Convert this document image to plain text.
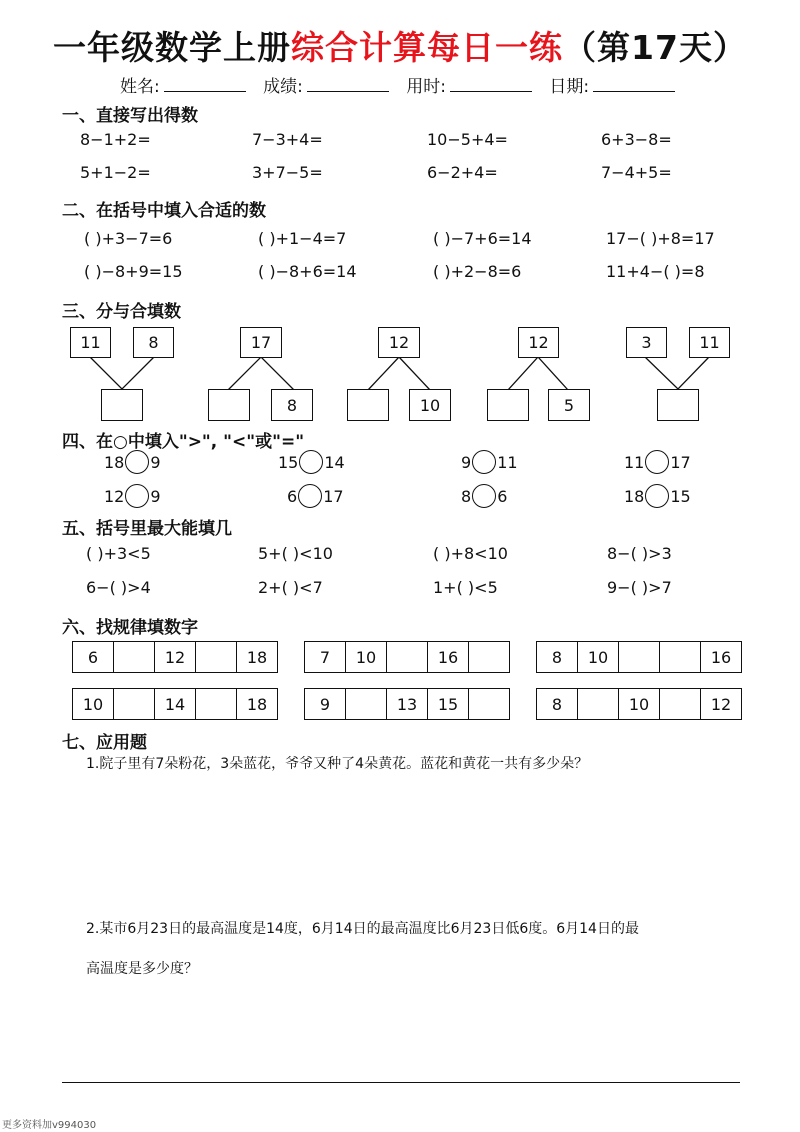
一年级数学上册综合计算每日一练（第17天）
姓名:	成绩:	用时:	日期:
一、直接写出得数
8−1+2=	7−3+4=	10−5+4=	6+3−8=
5+1−2=	3+7−5=	6−2+4=	7−4+5=
二、在括号中填入合适的数
( )+3−7=6	( )+1−4=7	( )−7+6=14	17−( )+8=17
( )−8+9=15	( )−8+6=14	( )+2−8=6	11+4−( )=8
三、分与合填数
11	8	17
8
12
10
12
5
3	11
四、在○中填入">", "<"或"="
18 9	15 14	9 11	11 17
12 9	6 17	8 6	18 15
五、括号里最大能填几
( )+3<5	5+( )<10	( )+8<10	8−( )>3
6−( )>4	2+( )<7	1+( )<5	9−( )>7
六、找规律填数字
6		12		18	7	10		16		8	10			16
10		14		18	9		13	15		8		10		12
七、应用题
1.院子里有7朵粉花，3朵蓝花，爷爷又种了4朵黄花。蓝花和黄花一共有多少朵？
2.某市6月23日的最高温度是14度，6月14日的最高温度比6月23日低6度。6月14日的最
高温度是多少度？
更多资料加v994030
